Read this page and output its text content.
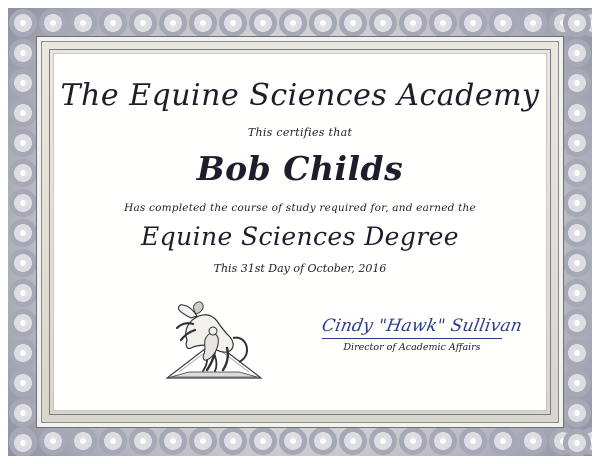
The Equine Sciences Academy
This certifies that
Bob Childs
Has completed the course of study required for, and earned the
Equine Sciences Degree
This 31st Day of October, 2016
Cindy "Hawk" Sullivan
Director of Academic Affairs
